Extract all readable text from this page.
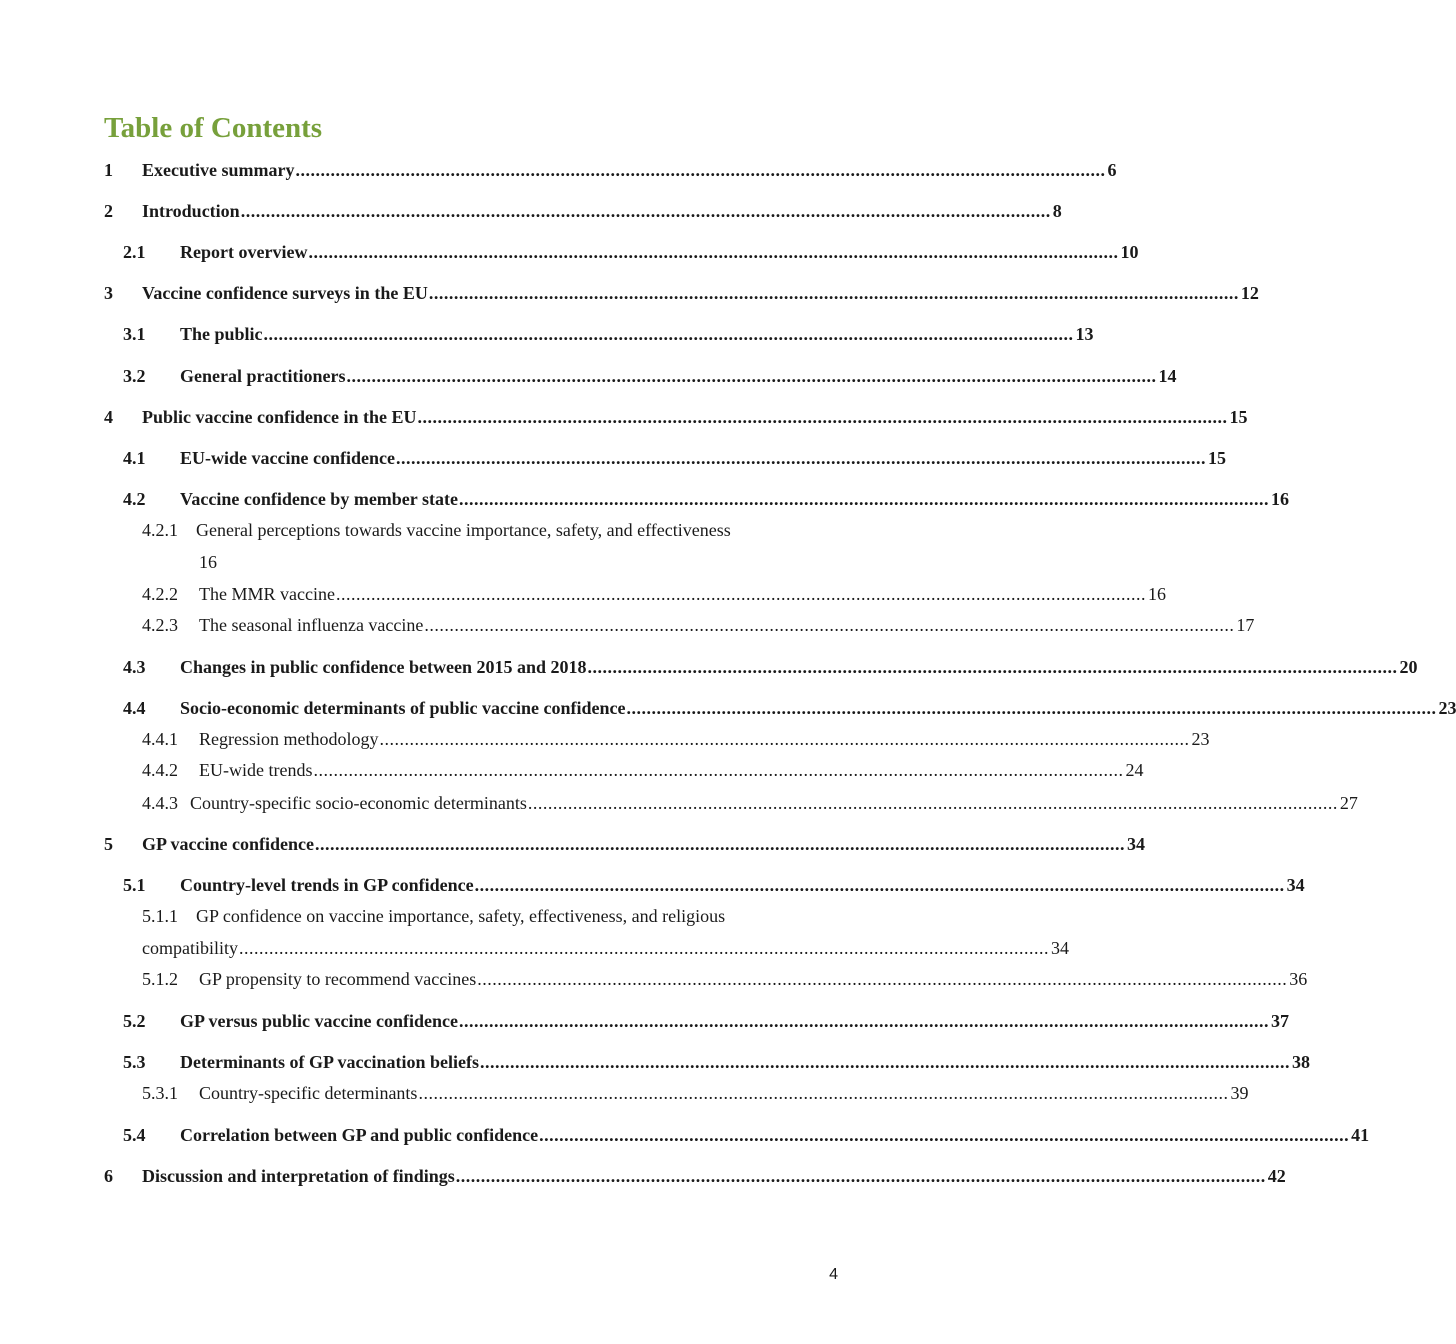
Table of Contents
1 Executive summary .................................................................................................................................................................. 6
2 Introduction .................................................................................................................................................................. 8
2.1 Report overview .................................................................................................................................................................. 10
3 Vaccine confidence surveys in the EU .................................................................................................................................................................. 12
3.1 The public .................................................................................................................................................................. 13
3.2 General practitioners .................................................................................................................................................................. 14
4 Public vaccine confidence in the EU .................................................................................................................................................................. 15
4.1 EU-wide vaccine confidence .................................................................................................................................................................. 15
4.2 Vaccine confidence by member state .................................................................................................................................................................. 16
4.2.1 General perceptions towards vaccine importance, safety, and effectiveness
16
4.2.2 The MMR vaccine .................................................................................................................................................................. 16
4.2.3 The seasonal influenza vaccine .................................................................................................................................................................. 17
4.3 Changes in public confidence between 2015 and 2018 .................................................................................................................................................................. 20
4.4 Socio-economic determinants of public vaccine confidence .................................................................................................................................................................. 23
4.4.1 Regression methodology .................................................................................................................................................................. 23
4.4.2 EU-wide trends .................................................................................................................................................................. 24
4.4.3 Country-specific socio-economic determinants .................................................................................................................................................................. 27
5 GP vaccine confidence .................................................................................................................................................................. 34
5.1 Country-level trends in GP confidence .................................................................................................................................................................. 34
5.1.1 GP confidence on vaccine importance, safety, effectiveness, and religious
compatibility .................................................................................................................................................................. 34
5.1.2 GP propensity to recommend vaccines .................................................................................................................................................................. 36
5.2 GP versus public vaccine confidence .................................................................................................................................................................. 37
5.3 Determinants of GP vaccination beliefs .................................................................................................................................................................. 38
5.3.1 Country-specific determinants .................................................................................................................................................................. 39
5.4 Correlation between GP and public confidence .................................................................................................................................................................. 41
6 Discussion and interpretation of findings .................................................................................................................................................................. 42
4
